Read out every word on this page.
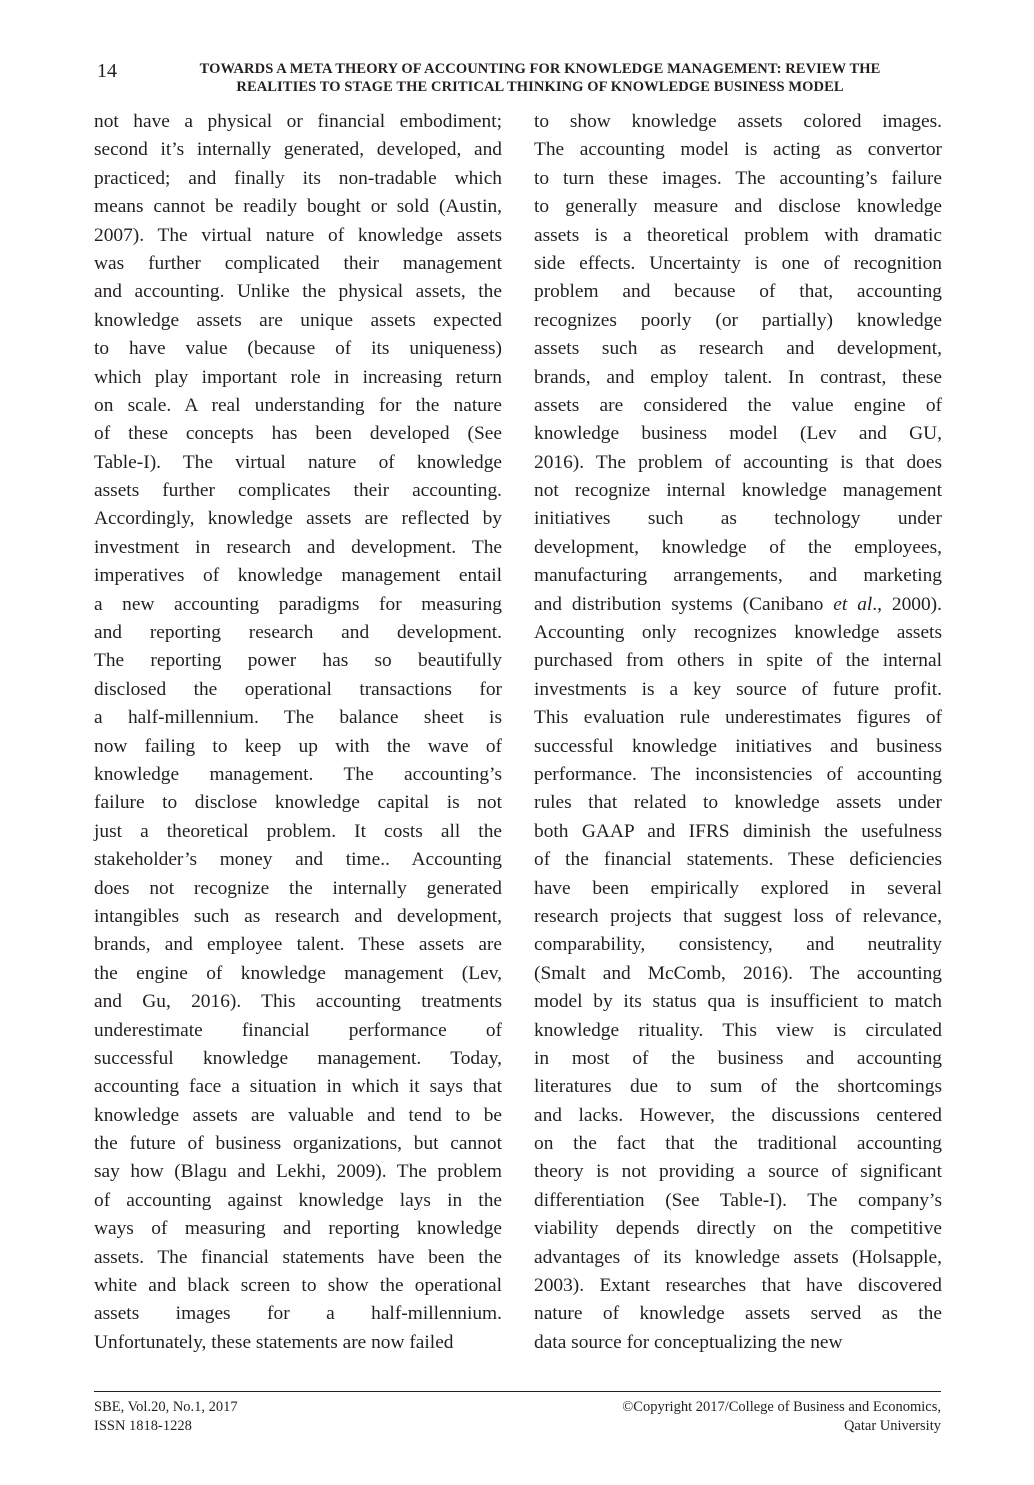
14	TOWARDS A META THEORY OF ACCOUNTING FOR KNOWLEDGE MANAGEMENT: REVIEW THE
REALITIES TO STAGE THE CRITICAL THINKING OF KNOWLEDGE BUSINESS MODEL
not have a physical or financial embodiment;
second it’s internally generated, developed, and
practiced; and finally its non-tradable which
means cannot be readily bought or sold (Austin,
2007). The virtual nature of knowledge assets
was further complicated their management
and accounting. Unlike the physical assets, the
knowledge assets are unique assets expected
to have value (because of its uniqueness)
which play important role in increasing return
on scale. A real understanding for the nature
of these concepts has been developed (See
Table-I). The virtual nature of knowledge
assets further complicates their accounting.
Accordingly, knowledge assets are reflected by
investment in research and development. The
imperatives of knowledge management entail
a new accounting paradigms for measuring
and reporting research and development.
The reporting power has so beautifully
disclosed the operational transactions for
a half-millennium. The balance sheet is
now failing to keep up with the wave of
knowledge management. The accounting’s
failure to disclose knowledge capital is not
just a theoretical problem. It costs all the
stakeholder’s money and time.. Accounting
does not recognize the internally generated
intangibles such as research and development,
brands, and employee talent. These assets are
the engine of knowledge management (Lev,
and Gu, 2016). This accounting treatments
underestimate financial performance of
successful knowledge management. Today,
accounting face a situation in which it says that
knowledge assets are valuable and tend to be
the future of business organizations, but cannot
say how (Blagu and Lekhi, 2009). The problem
of accounting against knowledge lays in the
ways of measuring and reporting knowledge
assets. The financial statements have been the
white and black screen to show the operational
assets images for a half-millennium.
Unfortunately, these statements are now failed
to show knowledge assets colored images.
The accounting model is acting as convertor
to turn these images. The accounting’s failure
to generally measure and disclose knowledge
assets is a theoretical problem with dramatic
side effects. Uncertainty is one of recognition
problem and because of that, accounting
recognizes poorly (or partially) knowledge
assets such as research and development,
brands, and employ talent. In contrast, these
assets are considered the value engine of
knowledge business model (Lev and GU,
2016). The problem of accounting is that does
not recognize internal knowledge management
initiatives such as technology under
development, knowledge of the employees,
manufacturing arrangements, and marketing
and distribution systems (Canibano et al., 2000).
Accounting only recognizes knowledge assets
purchased from others in spite of the internal
investments is a key source of future profit.
This evaluation rule underestimates figures of
successful knowledge initiatives and business
performance. The inconsistencies of accounting
rules that related to knowledge assets under
both GAAP and IFRS diminish the usefulness
of the financial statements. These deficiencies
have been empirically explored in several
research projects that suggest loss of relevance,
comparability, consistency, and neutrality
(Smalt and McComb, 2016). The accounting
model by its status qua is insufficient to match
knowledge rituality. This view is circulated
in most of the business and accounting
literatures due to sum of the shortcomings
and lacks. However, the discussions centered
on the fact that the traditional accounting
theory is not providing a source of significant
differentiation (See Table-I). The company’s
viability depends directly on the competitive
advantages of its knowledge assets (Holsapple,
2003). Extant researches that have discovered
nature of knowledge assets served as the
data source for conceptualizing the new
SBE, Vol.20, No.1, 2017
ISSN 1818-1228
©Copyright 2017/College of Business and Economics,
Qatar University
